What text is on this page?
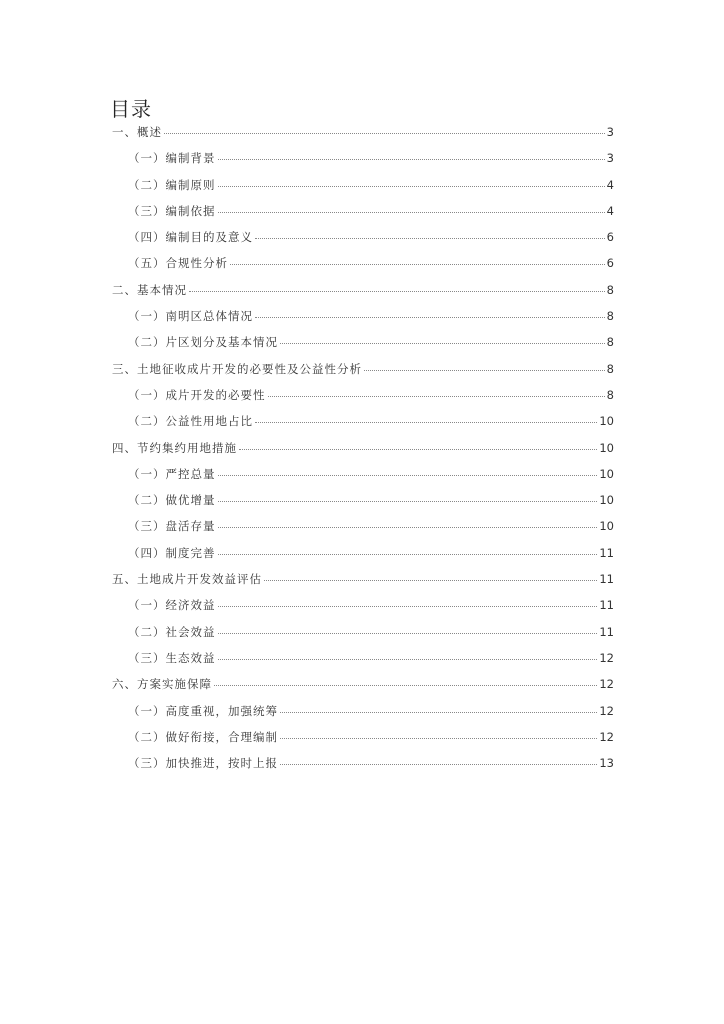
目录
一、概述	3
（一）编制背景	3
（二）编制原则	4
（三）编制依据	4
（四）编制目的及意义	6
（五）合规性分析	6
二、基本情况	8
（一）南明区总体情况	8
（二）片区划分及基本情况	8
三、土地征收成片开发的必要性及公益性分析	8
（一）成片开发的必要性	8
（二）公益性用地占比	10
四、节约集约用地措施	10
（一）严控总量	10
（二）做优增量	10
（三）盘活存量	10
（四）制度完善	11
五、土地成片开发效益评估	11
（一）经济效益	11
（二）社会效益	11
（三）生态效益	12
六、方案实施保障	12
（一）高度重视，加强统筹	12
（二）做好衔接，合理编制	12
（三）加快推进，按时上报	13
